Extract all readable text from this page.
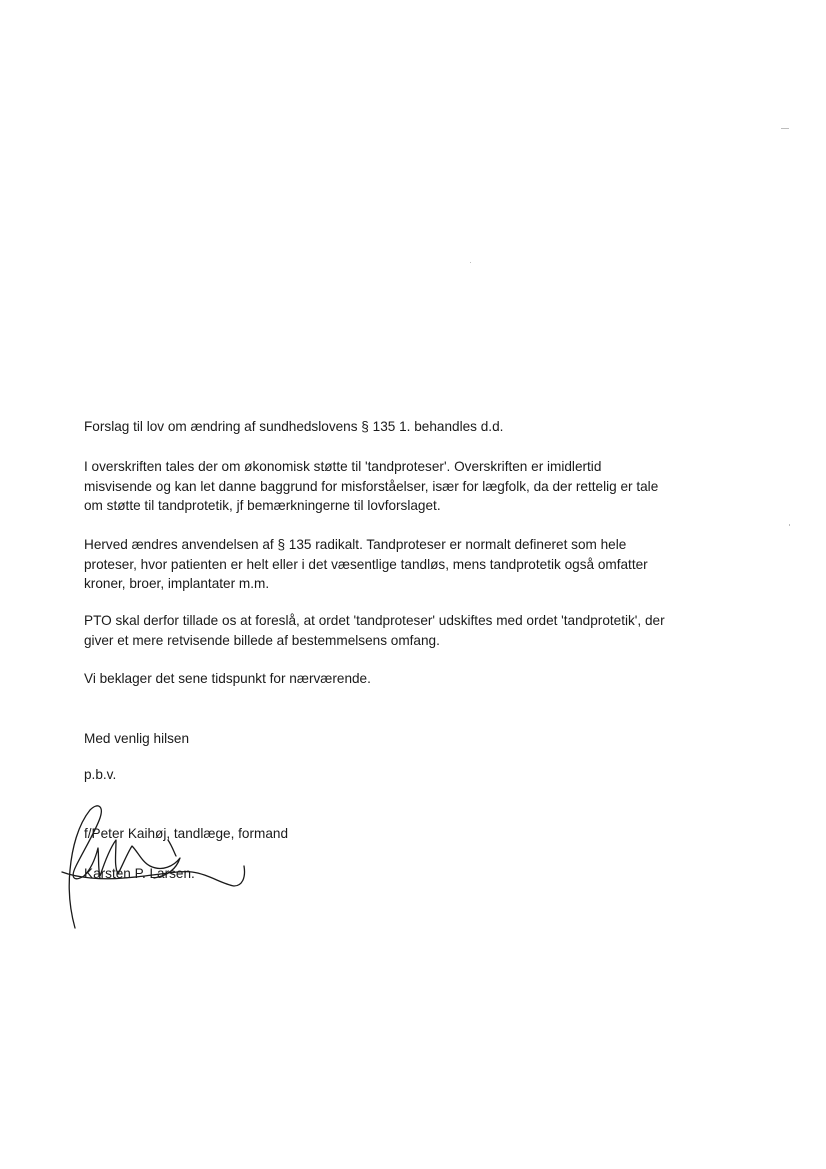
Forslag til lov om ændring af sundhedslovens § 135 1. behandles d.d.

I overskriften tales der om økonomisk støtte til 'tandproteser'. Overskriften er imidlertid
misvisende og kan let danne baggrund for misforståelser, især for lægfolk, da der rettelig er tale
om støtte til tandprotetik, jf bemærkningerne til lovforslaget.

Herved ændres anvendelsen af § 135 radikalt. Tandproteser er normalt defineret som hele
proteser, hvor patienten er helt eller i det væsentlige tandløs, mens tandprotetik også omfatter
kroner, broer, implantater m.m.

PTO skal derfor tillade os at foreslå, at ordet 'tandproteser' udskiftes med ordet 'tandprotetik', der
giver et mere retvisende billede af bestemmelsens omfang.

Vi beklager det sene tidspunkt for nærværende.

Med venlig hilsen

p.b.v.

f/Peter Kaihøj, tandlæge, formand

Karsten P. Larsen.
